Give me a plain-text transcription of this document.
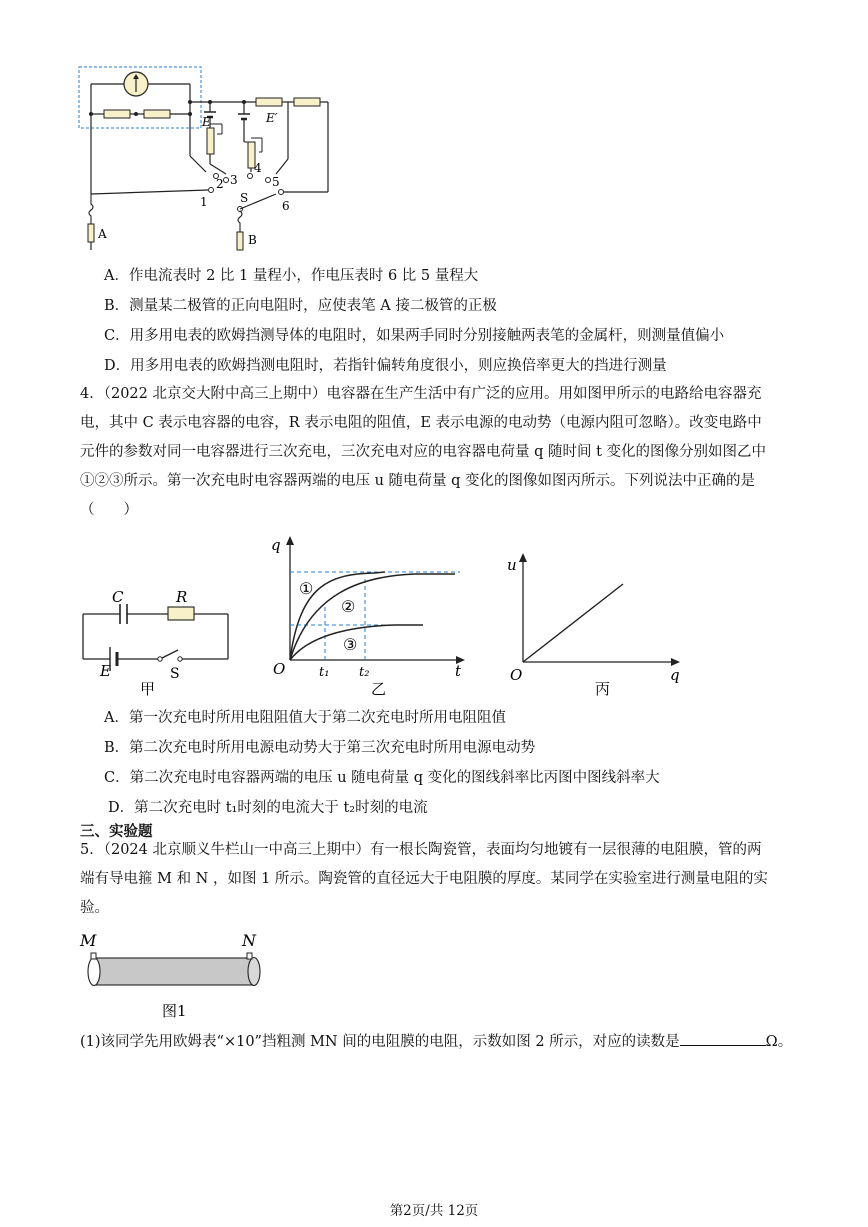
E	E′
1
2 3
4
5
6
S
A	B
A．作电流表时 2 比 1 量程小，作电压表时 6 比 5 量程大
B．测量某二极管的正向电阻时，应使表笔 A 接二极管的正极
C．用多用电表的欧姆挡测导体的电阻时，如果两手同时分别接触两表笔的金属杆，则测量值偏小
D．用多用电表的欧姆挡测电阻时，若指针偏转角度很小，则应换倍率更大的挡进行测量
4．（2022 北京交大附中高三上期中）电容器在生产生活中有广泛的应用。用如图甲所示的电路给电容器充
电，其中 C 表示电容器的电容，R 表示电阻的阻值，E 表示电源的电动势（电源内阻可忽略）。改变电路中
元件的参数对同一电容器进行三次充电，三次充电对应的电容器电荷量 q 随时间 t 变化的图像分别如图乙中
①②③所示。第一次充电时电容器两端的电压 u 随电荷量 q 变化的图像如图丙所示。下列说法中正确的是
（　　）
C	R
E	S
甲
①
②
③
q
t
O	t₁ t₂
乙
u
q
O
丙
A．第一次充电时所用电阻阻值大于第二次充电时所用电阻阻值
B．第二次充电时所用电源电动势大于第三次充电时所用电源电动势
C．第二次充电时电容器两端的电压 u 随电荷量 q 变化的图线斜率比丙图中图线斜率大
D．第二次充电时 t₁时刻的电流大于 t₂时刻的电流
三、实验题
5．（2024 北京顺义牛栏山一中高三上期中）有一根长陶瓷管，表面均匀地镀有一层很薄的电阻膜，管的两
端有导电箍 M 和 N ，如图 1 所示。陶瓷管的直径远大于电阻膜的厚度。某同学在实验室进行测量电阻的实
验。
M	N
图1
(1)该同学先用欧姆表“×10”挡粗测 MN 间的电阻膜的电阻，示数如图 2 所示，对应的读数是	Ω。
第2页/共 12页
